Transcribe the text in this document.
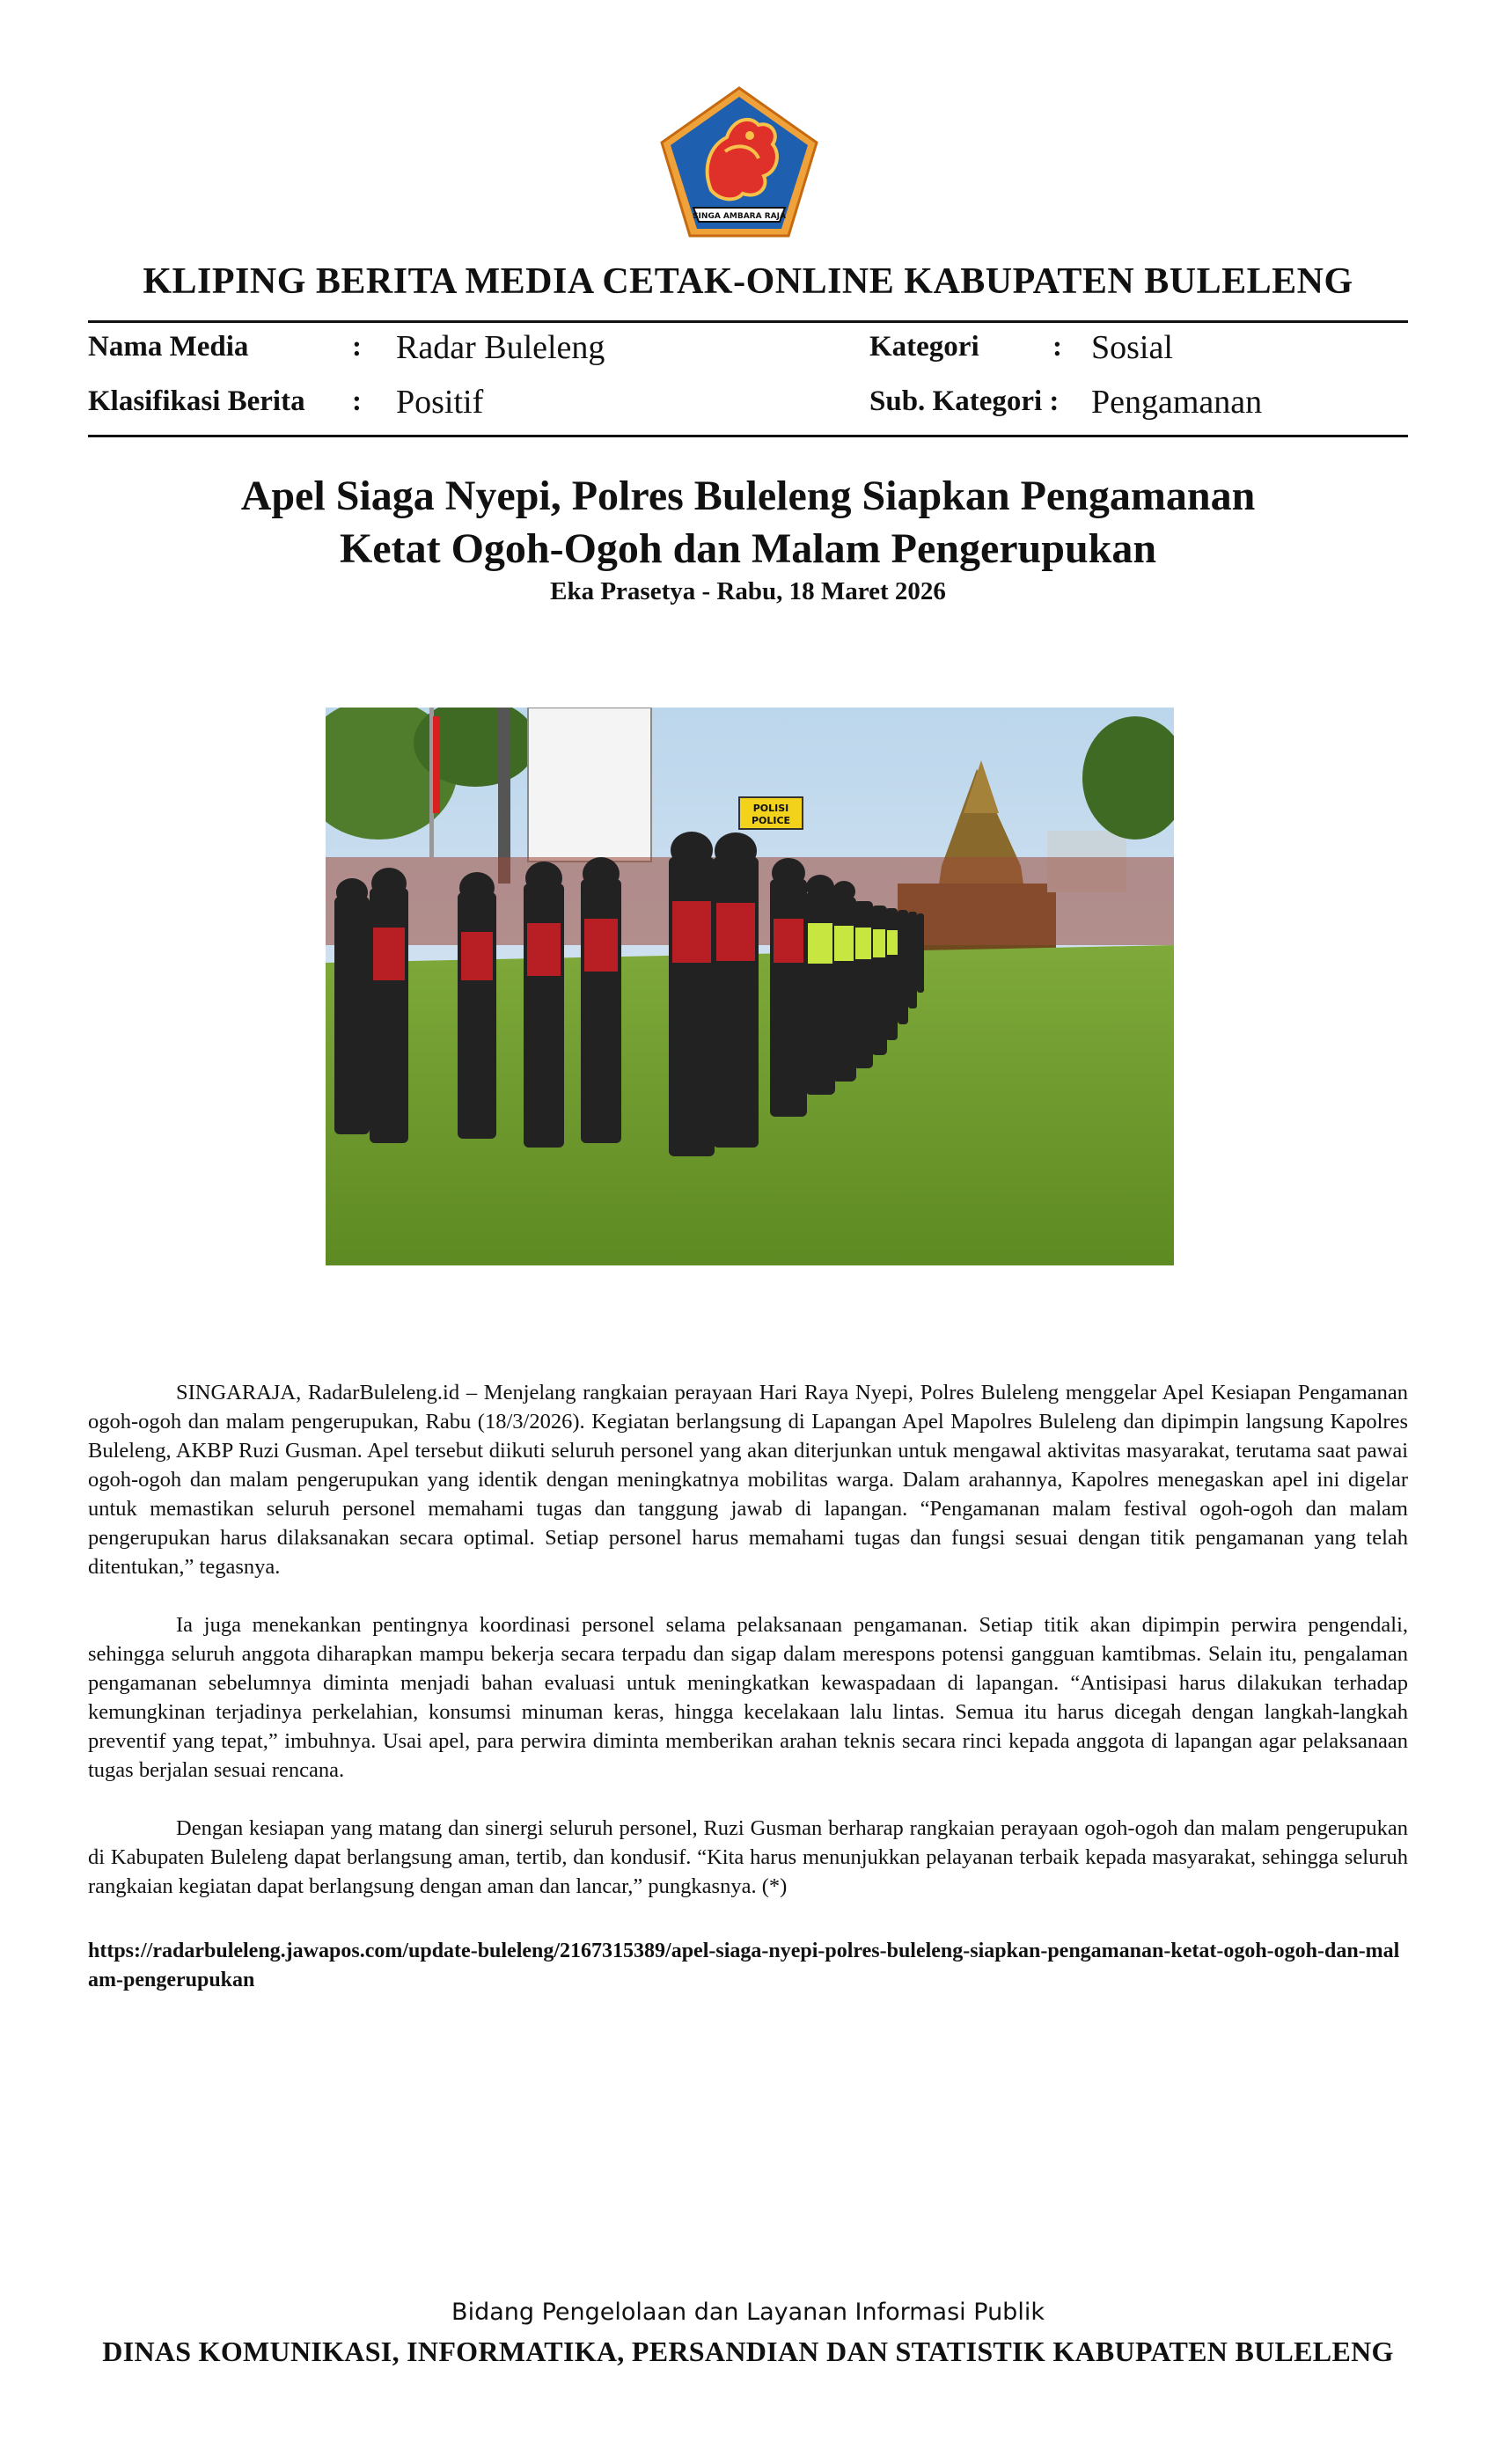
SINGA AMBARA RAJA
KLIPING BERITA MEDIA CETAK-ONLINE KABUPATEN BULELENG
Nama Media	: Radar Buleleng	Kategori	: Sosial
Klasifikasi Berita : Positif	Sub. Kategori : Pengamanan
Apel Siaga Nyepi, Polres Buleleng Siapkan Pengamanan
Ketat Ogoh-Ogoh dan Malam Pengerupukan
Eka Prasetya - Rabu, 18 Maret 2026
POLISI
POLICE

SINGARAJA, RadarBuleleng.id – Menjelang rangkaian perayaan Hari Raya Nyepi, Polres Buleleng menggelar Apel Kesiapan Pengamanan ogoh-ogoh dan malam pengerupukan, Rabu (18/3/2026). Kegiatan berlangsung di Lapangan Apel Mapolres Buleleng dan dipimpin langsung Kapolres Buleleng, AKBP Ruzi Gusman. Apel tersebut diikuti seluruh personel yang akan diterjunkan untuk mengawal aktivitas masyarakat, terutama saat pawai ogoh-ogoh dan malam pengerupukan yang identik dengan meningkatnya mobilitas warga. Dalam arahannya, Kapolres menegaskan apel ini digelar untuk memastikan seluruh personel memahami tugas dan tanggung jawab di lapangan. “Pengamanan malam festival ogoh-ogoh dan malam pengerupukan harus dilaksanakan secara optimal. Setiap personel harus memahami tugas dan fungsi sesuai dengan titik pengamanan yang telah ditentukan,” tegasnya.

Ia juga menekankan pentingnya koordinasi personel selama pelaksanaan pengamanan. Setiap titik akan dipimpin perwira pengendali, sehingga seluruh anggota diharapkan mampu bekerja secara terpadu dan sigap dalam merespons potensi gangguan kamtibmas. Selain itu, pengalaman pengamanan sebelumnya diminta menjadi bahan evaluasi untuk meningkatkan kewaspadaan di lapangan. “Antisipasi harus dilakukan terhadap kemungkinan terjadinya perkelahian, konsumsi minuman keras, hingga kecelakaan lalu lintas. Semua itu harus dicegah dengan langkah-langkah preventif yang tepat,” imbuhnya. Usai apel, para perwira diminta memberikan arahan teknis secara rinci kepada anggota di lapangan agar pelaksanaan tugas berjalan sesuai rencana.

Dengan kesiapan yang matang dan sinergi seluruh personel, Ruzi Gusman berharap rangkaian perayaan ogoh-ogoh dan malam pengerupukan di Kabupaten Buleleng dapat berlangsung aman, tertib, dan kondusif. “Kita harus menunjukkan pelayanan terbaik kepada masyarakat, sehingga seluruh rangkaian kegiatan dapat berlangsung dengan aman dan lancar,” pungkasnya. (*)

https://radarbuleleng.jawapos.com/update-buleleng/2167315389/apel-siaga-nyepi-polres-buleleng-siapkan-pengamanan-ketat-ogoh-ogoh-dan-malam-pengerupukan
Bidang Pengelolaan dan Layanan Informasi Publik
DINAS KOMUNIKASI, INFORMATIKA, PERSANDIAN DAN STATISTIK KABUPATEN BULELENG
